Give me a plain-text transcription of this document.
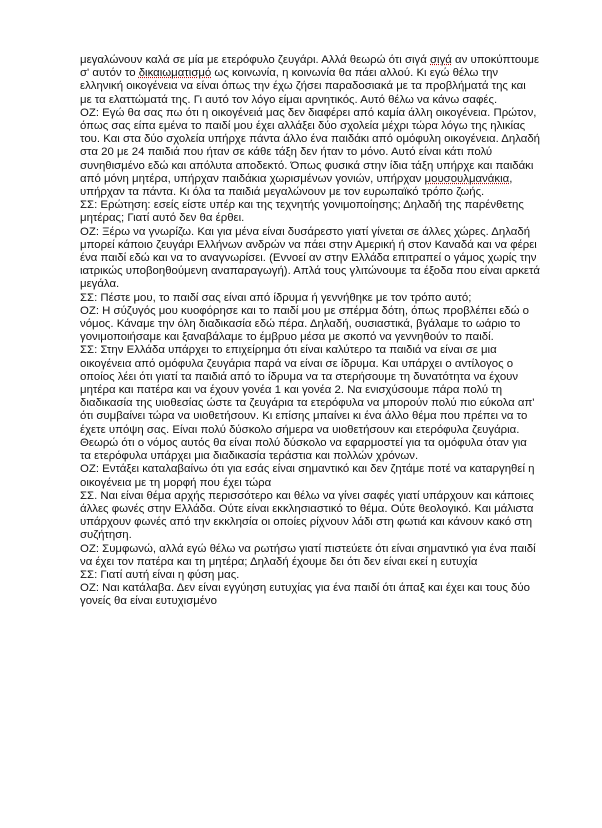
μεγαλώνουν καλά σε μία με ετερόφυλο ζευγάρι. Αλλά θεωρώ ότι σιγά σιγά αν υποκύπτουμε σ' αυτόν το δικαιωματισμό ως κοινωνία, η κοινωνία θα πάει αλλού. Κι εγώ θέλω την ελληνική οικογένεια να είναι όπως την έχω ζήσει παραδοσιακά με τα προβλήματά της και με τα ελαττώματά της. Γι αυτό τον λόγο είμαι αρνητικός. Αυτό θέλω να κάνω σαφές.

ΟΖ: Εγώ θα σας πω ότι η οικογένειά μας δεν διαφέρει από καμία άλλη οικογένεια. Πρώτον, όπως σας είπα εμένα το παιδί μου έχει αλλάξει δύο σχολεία μέχρι τώρα λόγω της ηλικίας του. Και στα δύο σχολεία υπήρχε πάντα άλλο ένα παιδάκι από ομόφυλη οικογένεια. Δηλαδή στα 20 με 24 παιδιά που ήταν σε κάθε τάξη δεν ήταν το μόνο. Αυτό είναι κάτι πολύ συνηθισμένο εδώ και απόλυτα αποδεκτό. Όπως φυσικά στην ίδια τάξη υπήρχε και παιδάκι από μόνη μητέρα, υπήρχαν παιδάκια χωρισμένων γονιών, υπήρχαν μουσουλμανάκια, υπήρχαν τα πάντα. Κι όλα τα παιδιά μεγαλώνουν με τον ευρωπαϊκό τρόπο ζωής.

ΣΣ: Ερώτηση: εσείς είστε υπέρ και της τεχνητής γονιμοποίησης; Δηλαδή της παρένθετης μητέρας; Γιατί αυτό δεν θα έρθει.

ΟΖ: Ξέρω να γνωρίζω. Και για μένα είναι δυσάρεστο γιατί γίνεται σε άλλες χώρες. Δηλαδή μπορεί κάποιο ζευγάρι Ελλήνων ανδρών να πάει στην Αμερική ή στον Καναδά και να φέρει ένα παιδί εδώ και να το αναγνωρίσει. (Εννοεί αν στην Ελλάδα επιτραπεί ο γάμος χωρίς την ιατρικώς υποβοηθούμενη αναπαραγωγή). Απλά τους γλιτώνουμε τα έξοδα που είναι αρκετά μεγάλα.

ΣΣ: Πέστε μου, το παιδί σας είναι από ίδρυμα ή γεννήθηκε με τον τρόπο αυτό;

ΟΖ: Η σύζυγός μου κυοφόρησε και το παιδί μου με σπέρμα δότη, όπως προβλέπει εδώ ο νόμος. Κάναμε την όλη διαδικασία εδώ πέρα. Δηλαδή, ουσιαστικά, βγάλαμε το ωάριο το γονιμοποιήσαμε και ξαναβάλαμε το έμβρυο μέσα με σκοπό να γεννηθούν το παιδί.

ΣΣ: Στην Ελλάδα υπάρχει το επιχείρημα ότι είναι καλύτερο τα παιδιά να είναι σε μια οικογένεια από ομόφυλα ζευγάρια παρά να είναι σε ίδρυμα. Και υπάρχει ο αντίλογος ο οποίος λέει ότι γιατί τα παιδιά από το ίδρυμα να τα στερήσουμε τη δυνατότητα να έχουν μητέρα και πατέρα και να έχουν γονέα 1 και γονέα 2. Να ενισχύσουμε πάρα πολύ τη διαδικασία της υιοθεσίας ώστε τα ζευγάρια τα ετερόφυλα να μπορούν πολύ πιο εύκολα απ' ότι συμβαίνει τώρα να υιοθετήσουν. Κι επίσης μπαίνει κι ένα άλλο θέμα που πρέπει να το έχετε υπόψη σας. Είναι πολύ δύσκολο σήμερα να υιοθετήσουν και ετερόφυλα ζευγάρια. Θεωρώ ότι ο νόμος αυτός θα είναι πολύ δύσκολο να εφαρμοστεί για τα ομόφυλα όταν για τα ετερόφυλα υπάρχει μια διαδικασία τεράστια και πολλών χρόνων.

ΟΖ: Εντάξει καταλαβαίνω ότι για εσάς είναι σημαντικό και δεν ζητάμε ποτέ να καταργηθεί η οικογένεια με τη μορφή που έχει τώρα

ΣΣ. Ναι είναι θέμα αρχής περισσότερο και θέλω να γίνει σαφές γιατί υπάρχουν και κάποιες άλλες φωνές στην Ελλάδα. Ούτε είναι εκκλησιαστικό το θέμα. Ούτε θεολογικό. Και μάλιστα υπάρχουν φωνές από την εκκλησία οι οποίες ρίχνουν λάδι στη φωτιά και κάνουν κακό στη συζήτηση.

ΟΖ: Συμφωνώ, αλλά εγώ θέλω να ρωτήσω γιατί πιστεύετε ότι είναι σημαντικό για ένα παιδί να έχει τον πατέρα και τη μητέρα; Δηλαδή έχουμε δει ότι δεν είναι εκεί η ευτυχία

ΣΣ: Γιατί αυτή είναι η φύση μας.

ΟΖ: Ναι κατάλαβα. Δεν είναι εγγύηση ευτυχίας για ένα παιδί ότι άπαξ και έχει και τους δύο γονείς θα είναι ευτυχισμένο
